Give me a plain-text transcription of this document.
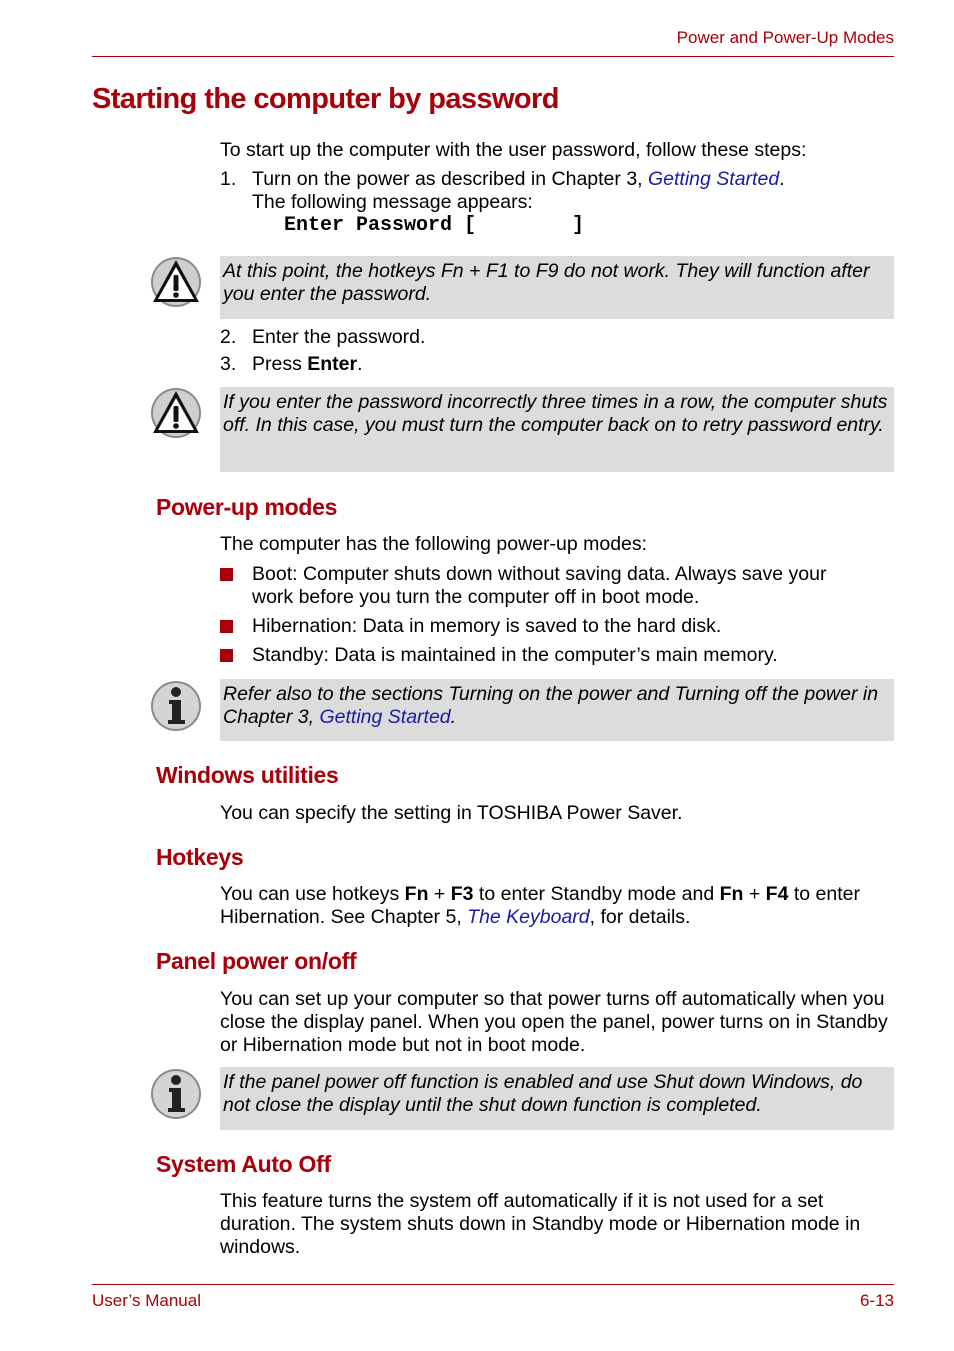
Power and Power-Up Modes
Starting the computer by password
To start up the computer with the user password, follow these steps:
1. Turn on the power as described in Chapter 3, Getting Started.
The following message appears:
Enter Password [        ]
At this point, the hotkeys Fn + F1 to F9 do not work. They will function after you enter the password.
2. Enter the password.
3. Press Enter.
If you enter the password incorrectly three times in a row, the computer shuts off. In this case, you must turn the computer back on to retry password entry.
Power-up modes
The computer has the following power-up modes:
Boot: Computer shuts down without saving data. Always save your work before you turn the computer off in boot mode.
Hibernation: Data in memory is saved to the hard disk.
Standby: Data is maintained in the computer’s main memory.
Refer also to the sections Turning on the power and Turning off the power in Chapter 3, Getting Started.
Windows utilities
You can specify the setting in TOSHIBA Power Saver.
Hotkeys
You can use hotkeys Fn + F3 to enter Standby mode and Fn + F4 to enter Hibernation. See Chapter 5, The Keyboard, for details.
Panel power on/off
You can set up your computer so that power turns off automatically when you close the display panel. When you open the panel, power turns on in Standby or Hibernation mode but not in boot mode.
If the panel power off function is enabled and use Shut down Windows, do not close the display until the shut down function is completed.
System Auto Off
This feature turns the system off automatically if it is not used for a set duration. The system shuts down in Standby mode or Hibernation mode in windows.
User’s Manual	6-13
